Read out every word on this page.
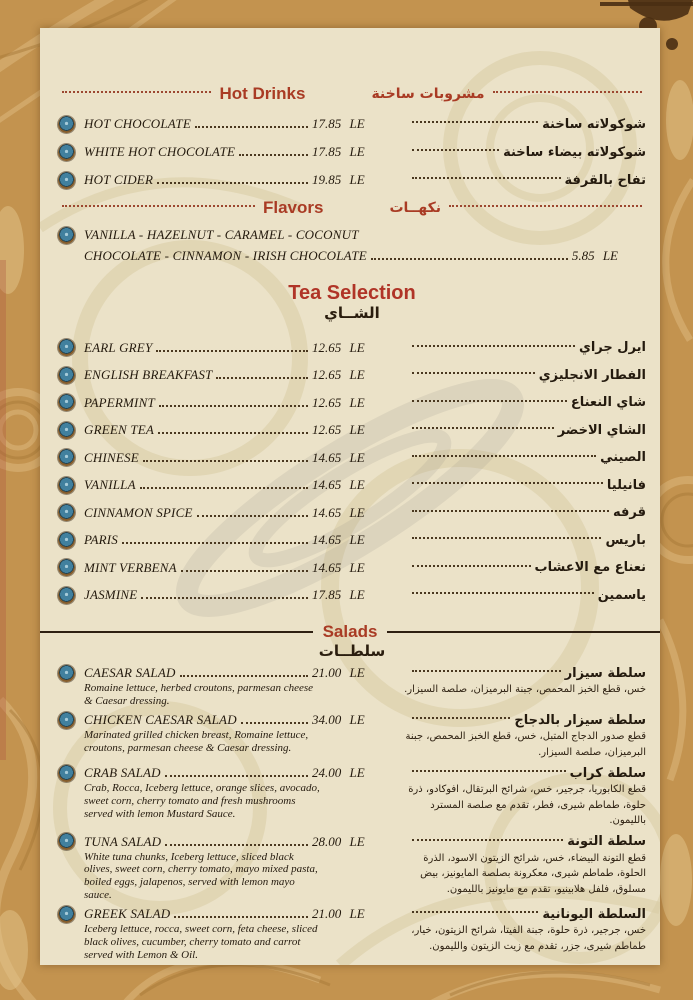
Hot Drinks	مشروبات ساخنة
HOT CHOCOLATE	17.85 LE	شوكولاته ساخنة
WHITE HOT CHOCOLATE	17.85 LE	شوكولاته بيضاء ساخنة
HOT CIDER	19.85 LE	تفاح بالقرفة
Flavors	نكهــات
VANILLA - HAZELNUT - CARAMEL - COCONUT
CHOCOLATE - CINNAMON - IRISH CHOCOLATE	5.85 LE
Tea Selection
الشــاي
EARL GREY	12.65 LE	ايرل جراي
ENGLISH BREAKFAST	12.65 LE	الفطار الانجليزي
PAPERMINT	12.65 LE	شاي النعناع
GREEN TEA	12.65 LE	الشاي الاخضر
CHINESE	14.65 LE	الصيني
VANILLA	14.65 LE	فانيليا
CINNAMON SPICE	14.65 LE	قرفه
PARIS	14.65 LE	باريس
MINT VERBENA	14.65 LE	نعناع مع الاعشاب
JASMINE	17.85 LE	ياسمين
Salads
سلطــات
CAESAR SALAD	21.00 LE	سلطة سيزار
Romaine lettuce, herbed croutons, parmesan cheese & Caesar dressing.
خس، قطع الخبز المحمص، جبنة البرميزان، صلصة السيزار.
CHICKEN CAESAR SALAD	34.00 LE	سلطة سيزار بالدجاج
Marinated grilled chicken breast, Romaine lettuce, croutons, parmesan cheese & Caesar dressing.
قطع صدور الدجاج المتبل، خس، قطع الخبز المحمص، جبنة البرميزان، صلصة السيزار.
CRAB SALAD	24.00 LE	سلطة كراب
Crab, Rocca, Iceberg lettuce, orange slices, avocado, sweet corn, cherry tomato and fresh mushrooms served with lemon Mustard Sauce.
قطع الكابوريا، جرجير، خس، شرائح البرتقال، افوكادو، ذرة حلوة، طماطم شيرى، فطر، تقدم مع صلصة المسترد بالليمون.
TUNA SALAD	28.00 LE	سلطة التونة
White tuna chunks, Iceberg lettuce, sliced black olives, sweet corn, cherry tomato, mayo mixed pasta, boiled eggs, jalapenos, served with lemon mayo sauce.
قطع التونة البيضاء، خس، شرائح الزيتون الاسود، الذرة الحلوة، طماطم شيرى، معكرونة بصلصة المايونيز، بيض مسلوق، فلفل هلابينيو، تقدم مع مايونيز بالليمون.
GREEK SALAD	21.00 LE	السلطة اليونانية
Iceberg lettuce, rocca, sweet corn, feta cheese, sliced black olives, cucumber, cherry tomato and carrot served with Lemon & Oil.
خس، جرجير، ذرة حلوة، جبنة الفيتا، شرائح الزيتون، خيار، طماطم شيرى، جزر، تقدم مع زيت الزيتون والليمون.
